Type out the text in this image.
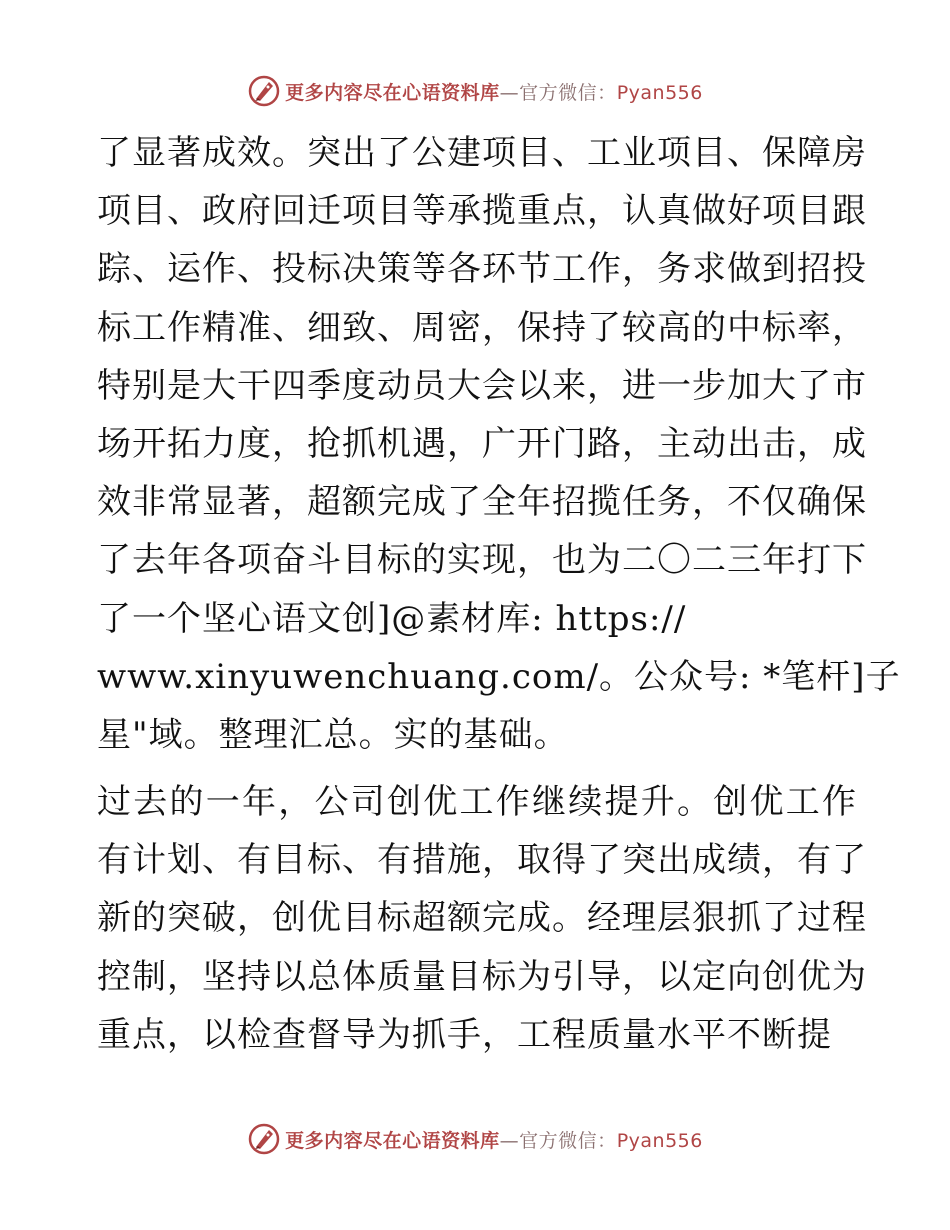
更多内容尽在心语资料库—官方微信：Pyan556
了显著成效。突出了公建项目、工业项目、保障房
项目、政府回迁项目等承揽重点，认真做好项目跟
踪、运作、投标决策等各环节工作，务求做到招投
标工作精准、细致、周密，保持了较高的中标率，
特别是大干四季度动员大会以来，进一步加大了市
场开拓力度，抢抓机遇，广开门路，主动出击，成
效非常显著，超额完成了全年招揽任务，不仅确保
了去年各项奋斗目标的实现，也为二〇二三年打下
了一个坚心语文创]@素材库: https://
www.xinyuwenchuang.com/。公众号: *笔杆]子
星"域。整理汇总。实的基础。
过去的一年，公司创优工作继续提升。创优工作
有计划、有目标、有措施，取得了突出成绩，有了
新的突破，创优目标超额完成。经理层狠抓了过程
控制，坚持以总体质量目标为引导，以定向创优为
重点，以检查督导为抓手，工程质量水平不断提
更多内容尽在心语资料库—官方微信：Pyan556
